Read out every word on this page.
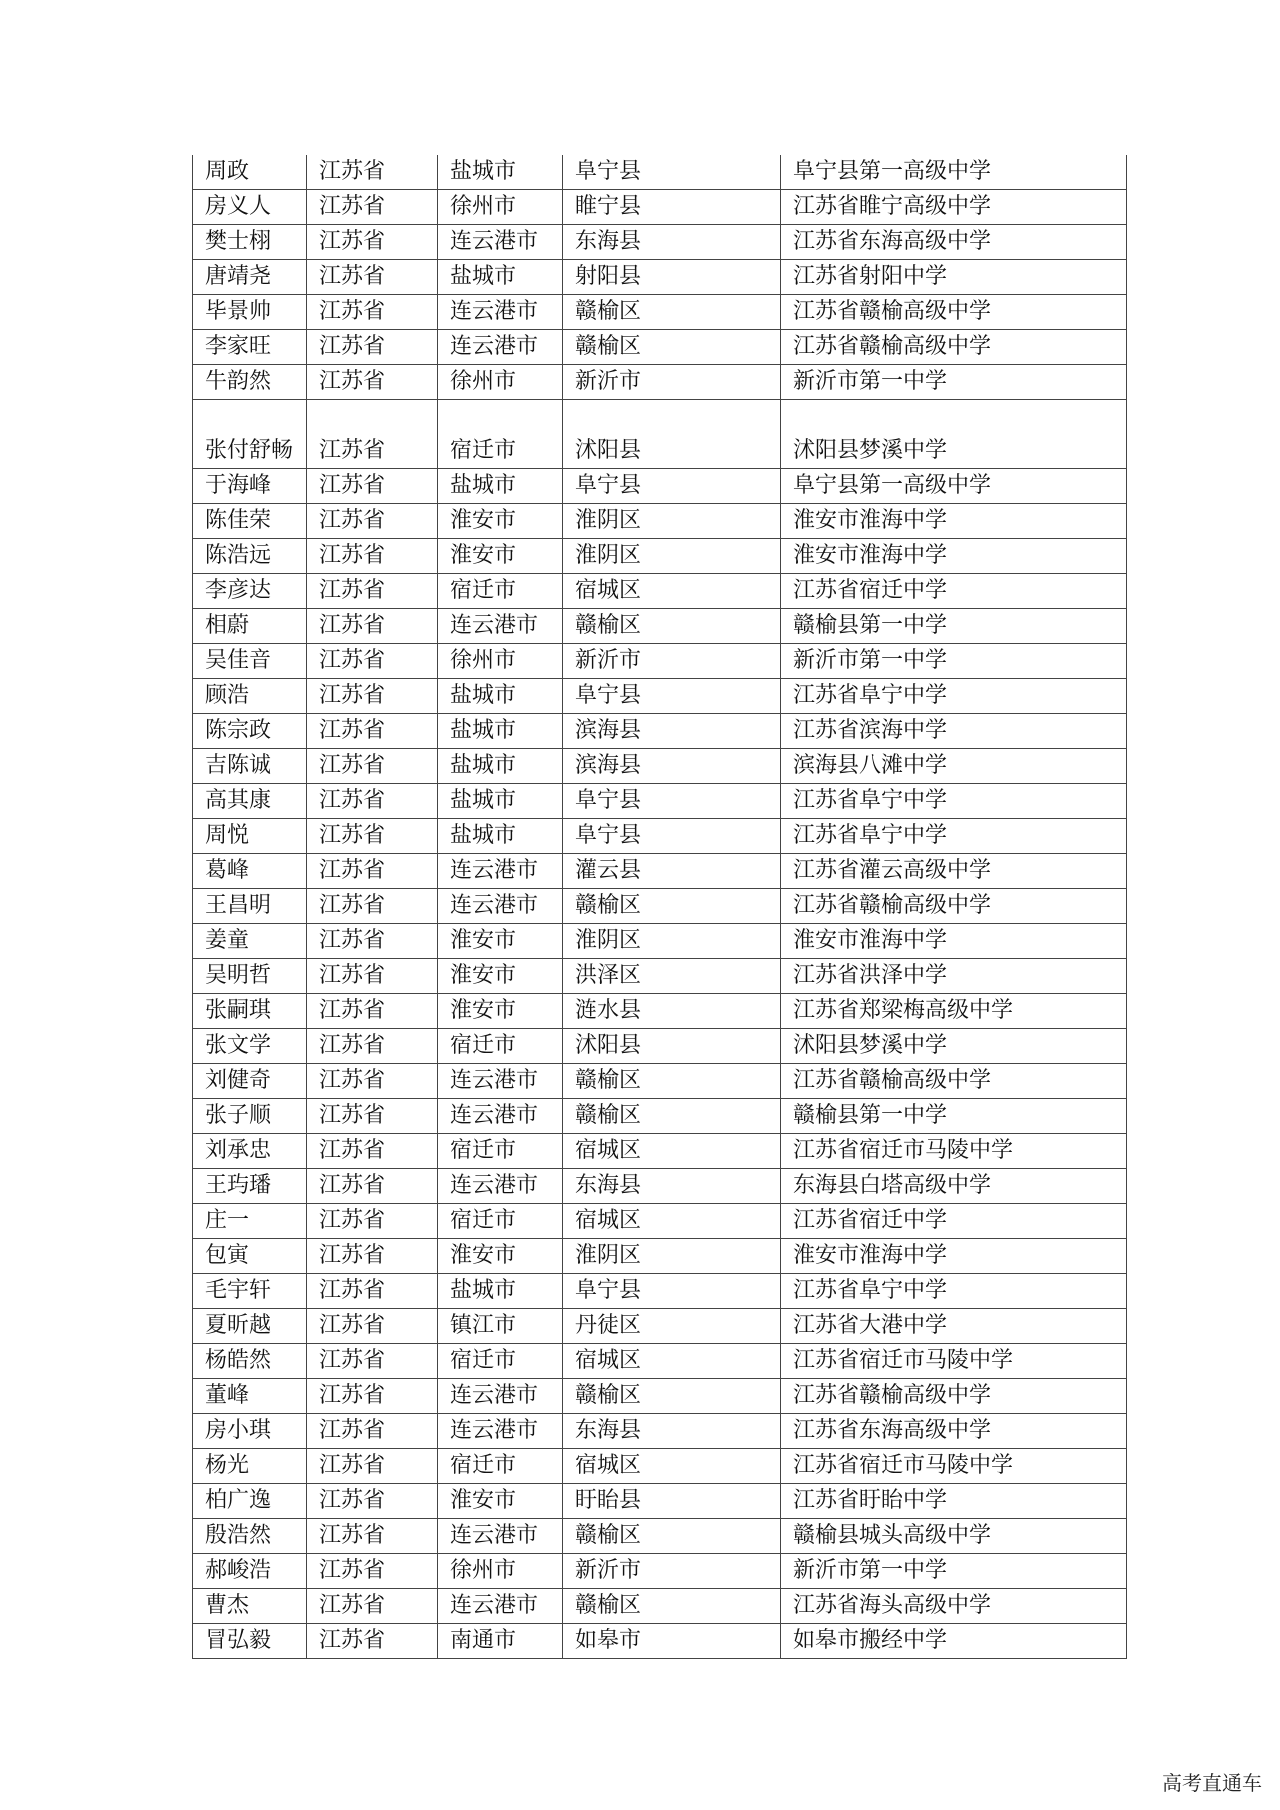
周政	江苏省	盐城市	阜宁县	阜宁县第一高级中学
房义人	江苏省	徐州市	睢宁县	江苏省睢宁高级中学
樊士栩	江苏省	连云港市	东海县	江苏省东海高级中学
唐靖尧	江苏省	盐城市	射阳县	江苏省射阳中学
毕景帅	江苏省	连云港市	赣榆区	江苏省赣榆高级中学
李家旺	江苏省	连云港市	赣榆区	江苏省赣榆高级中学
牛韵然	江苏省	徐州市	新沂市	新沂市第一中学
张付舒畅	江苏省	宿迁市	沭阳县	沭阳县梦溪中学
于海峰	江苏省	盐城市	阜宁县	阜宁县第一高级中学
陈佳荣	江苏省	淮安市	淮阴区	淮安市淮海中学
陈浩远	江苏省	淮安市	淮阴区	淮安市淮海中学
李彦达	江苏省	宿迁市	宿城区	江苏省宿迁中学
相蔚	江苏省	连云港市	赣榆区	赣榆县第一中学
吴佳音	江苏省	徐州市	新沂市	新沂市第一中学
顾浩	江苏省	盐城市	阜宁县	江苏省阜宁中学
陈宗政	江苏省	盐城市	滨海县	江苏省滨海中学
吉陈诚	江苏省	盐城市	滨海县	滨海县八滩中学
高其康	江苏省	盐城市	阜宁县	江苏省阜宁中学
周悦	江苏省	盐城市	阜宁县	江苏省阜宁中学
葛峰	江苏省	连云港市	灌云县	江苏省灌云高级中学
王昌明	江苏省	连云港市	赣榆区	江苏省赣榆高级中学
姜童	江苏省	淮安市	淮阴区	淮安市淮海中学
吴明哲	江苏省	淮安市	洪泽区	江苏省洪泽中学
张嗣琪	江苏省	淮安市	涟水县	江苏省郑梁梅高级中学
张文学	江苏省	宿迁市	沭阳县	沭阳县梦溪中学
刘健奇	江苏省	连云港市	赣榆区	江苏省赣榆高级中学
张子顺	江苏省	连云港市	赣榆区	赣榆县第一中学
刘承忠	江苏省	宿迁市	宿城区	江苏省宿迁市马陵中学
王玙璠	江苏省	连云港市	东海县	东海县白塔高级中学
庄一	江苏省	宿迁市	宿城区	江苏省宿迁中学
包寅	江苏省	淮安市	淮阴区	淮安市淮海中学
毛宇轩	江苏省	盐城市	阜宁县	江苏省阜宁中学
夏昕越	江苏省	镇江市	丹徒区	江苏省大港中学
杨皓然	江苏省	宿迁市	宿城区	江苏省宿迁市马陵中学
董峰	江苏省	连云港市	赣榆区	江苏省赣榆高级中学
房小琪	江苏省	连云港市	东海县	江苏省东海高级中学
杨光	江苏省	宿迁市	宿城区	江苏省宿迁市马陵中学
柏广逸	江苏省	淮安市	盱眙县	江苏省盱眙中学
殷浩然	江苏省	连云港市	赣榆区	赣榆县城头高级中学
郝峻浩	江苏省	徐州市	新沂市	新沂市第一中学
曹杰	江苏省	连云港市	赣榆区	江苏省海头高级中学
冒弘毅	江苏省	南通市	如皋市	如皋市搬经中学
高考直通车
